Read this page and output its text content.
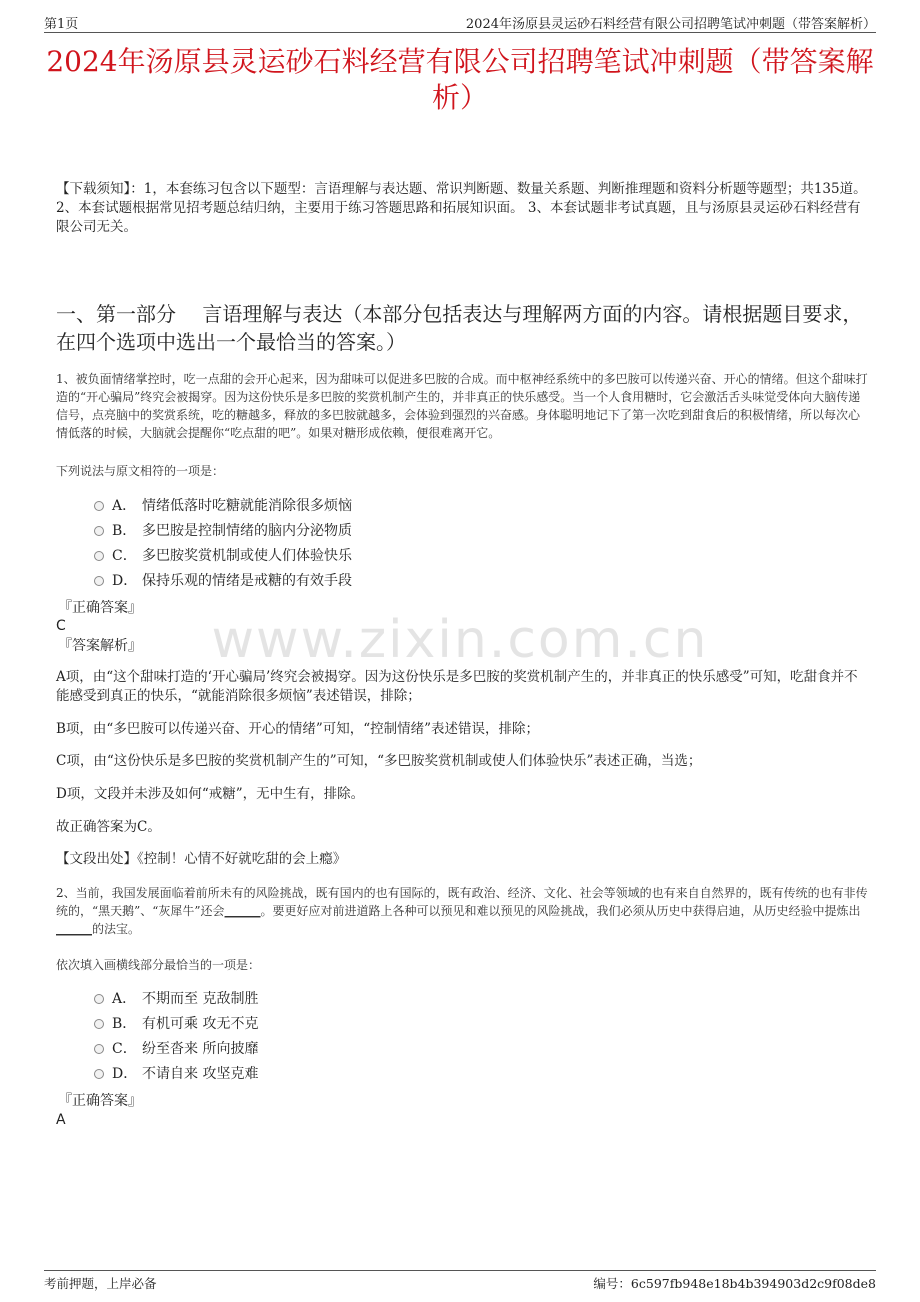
第1页	2024年汤原县灵运砂石料经营有限公司招聘笔试冲刺题（带答案解析）
2024年汤原县灵运砂石料经营有限公司招聘笔试冲刺题（带答案解析）
【下载须知】：1，本套练习包含以下题型：言语理解与表达题、常识判断题、数量关系题、判断推理题和资料分析题等题型；共135道。 2、本套试题根据常见招考题总结归纳，主要用于练习答题思路和拓展知识面。 3、本套试题非考试真题，且与汤原县灵运砂石料经营有限公司无关。
一、第一部分　 言语理解与表达（本部分包括表达与理解两方面的内容。请根据题目要求，在四个选项中选出一个最恰当的答案。）
1、被负面情绪掌控时，吃一点甜的会开心起来，因为甜味可以促进多巴胺的合成。而中枢神经系统中的多巴胺可以传递兴奋、开心的情绪。但这个甜味打造的“开心骗局”终究会被揭穿。因为这份快乐是多巴胺的奖赏机制产生的，并非真正的快乐感受。当一个人食用糖时，它会激活舌头味觉受体向大脑传递信号，点亮脑中的奖赏系统，吃的糖越多，释放的多巴胺就越多，会体验到强烈的兴奋感。身体聪明地记下了第一次吃到甜食后的积极情绪，所以每次心情低落的时候，大脑就会提醒你“吃点甜的吧”。如果对糖形成依赖，便很难离开它。
下列说法与原文相符的一项是：
A． 情绪低落时吃糖就能消除很多烦恼
B． 多巴胺是控制情绪的脑内分泌物质
C． 多巴胺奖赏机制或使人们体验快乐
D． 保持乐观的情绪是戒糖的有效手段
『正确答案』
C
『答案解析』	www.zixin.com.cn
A项，由“这个甜味打造的‘开心骗局’终究会被揭穿。因为这份快乐是多巴胺的奖赏机制产生的，并非真正的快乐感受”可知，吃甜食并不能感受到真正的快乐，“就能消除很多烦恼”表述错误，排除；
B项，由“多巴胺可以传递兴奋、开心的情绪”可知，“控制情绪”表述错误，排除；
C项，由“这份快乐是多巴胺的奖赏机制产生的”可知，“多巴胺奖赏机制或使人们体验快乐”表述正确，当选；
D项，文段并未涉及如何“戒糖”，无中生有，排除。
故正确答案为C。
【文段出处】《控制！心情不好就吃甜的会上瘾》
2、当前，我国发展面临着前所未有的风险挑战，既有国内的也有国际的，既有政治、经济、文化、社会等领域的也有来自自然界的，既有传统的也有非传统的，“黑天鹅”、“灰犀牛”还会______。要更好应对前进道路上各种可以预见和难以预见的风险挑战，我们必须从历史中获得启迪，从历史经验中提炼出______的法宝。
依次填入画横线部分最恰当的一项是：
A． 不期而至 克敌制胜
B． 有机可乘 攻无不克
C． 纷至沓来 所向披靡
D． 不请自来 攻坚克难
『正确答案』
A
考前押题，上岸必备	编号：6c597fb948e18b4b394903d2c9f08de8
